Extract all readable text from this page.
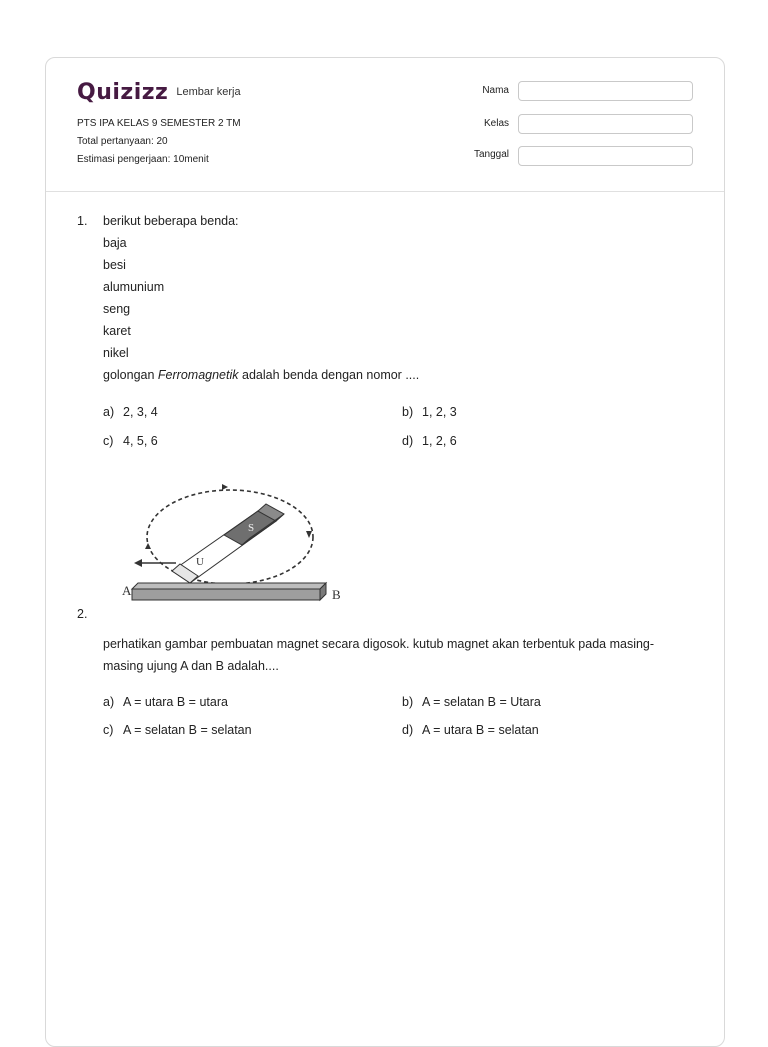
Quizizz Lembar kerja
PTS IPA KELAS 9 SEMESTER 2 TM
Total pertanyaan: 20
Estimasi pengerjaan: 10menit
Nama
Kelas
Tanggal
1. berikut beberapa benda:
baja
besi
alumunium
seng
karet
nikel
golongan Ferromagnetik adalah benda dengan nomor ....
a) 2, 3, 4	b) 1, 2, 3
c) 4, 5, 6	d) 1, 2, 6
A	B
U
S
2.
perhatikan gambar pembuatan magnet secara digosok. kutub magnet akan terbentuk pada masing-
masing ujung A dan B adalah....
a) A = utara B = utara	b) A = selatan B = Utara
c) A = selatan B = selatan	d) A = utara B = selatan
